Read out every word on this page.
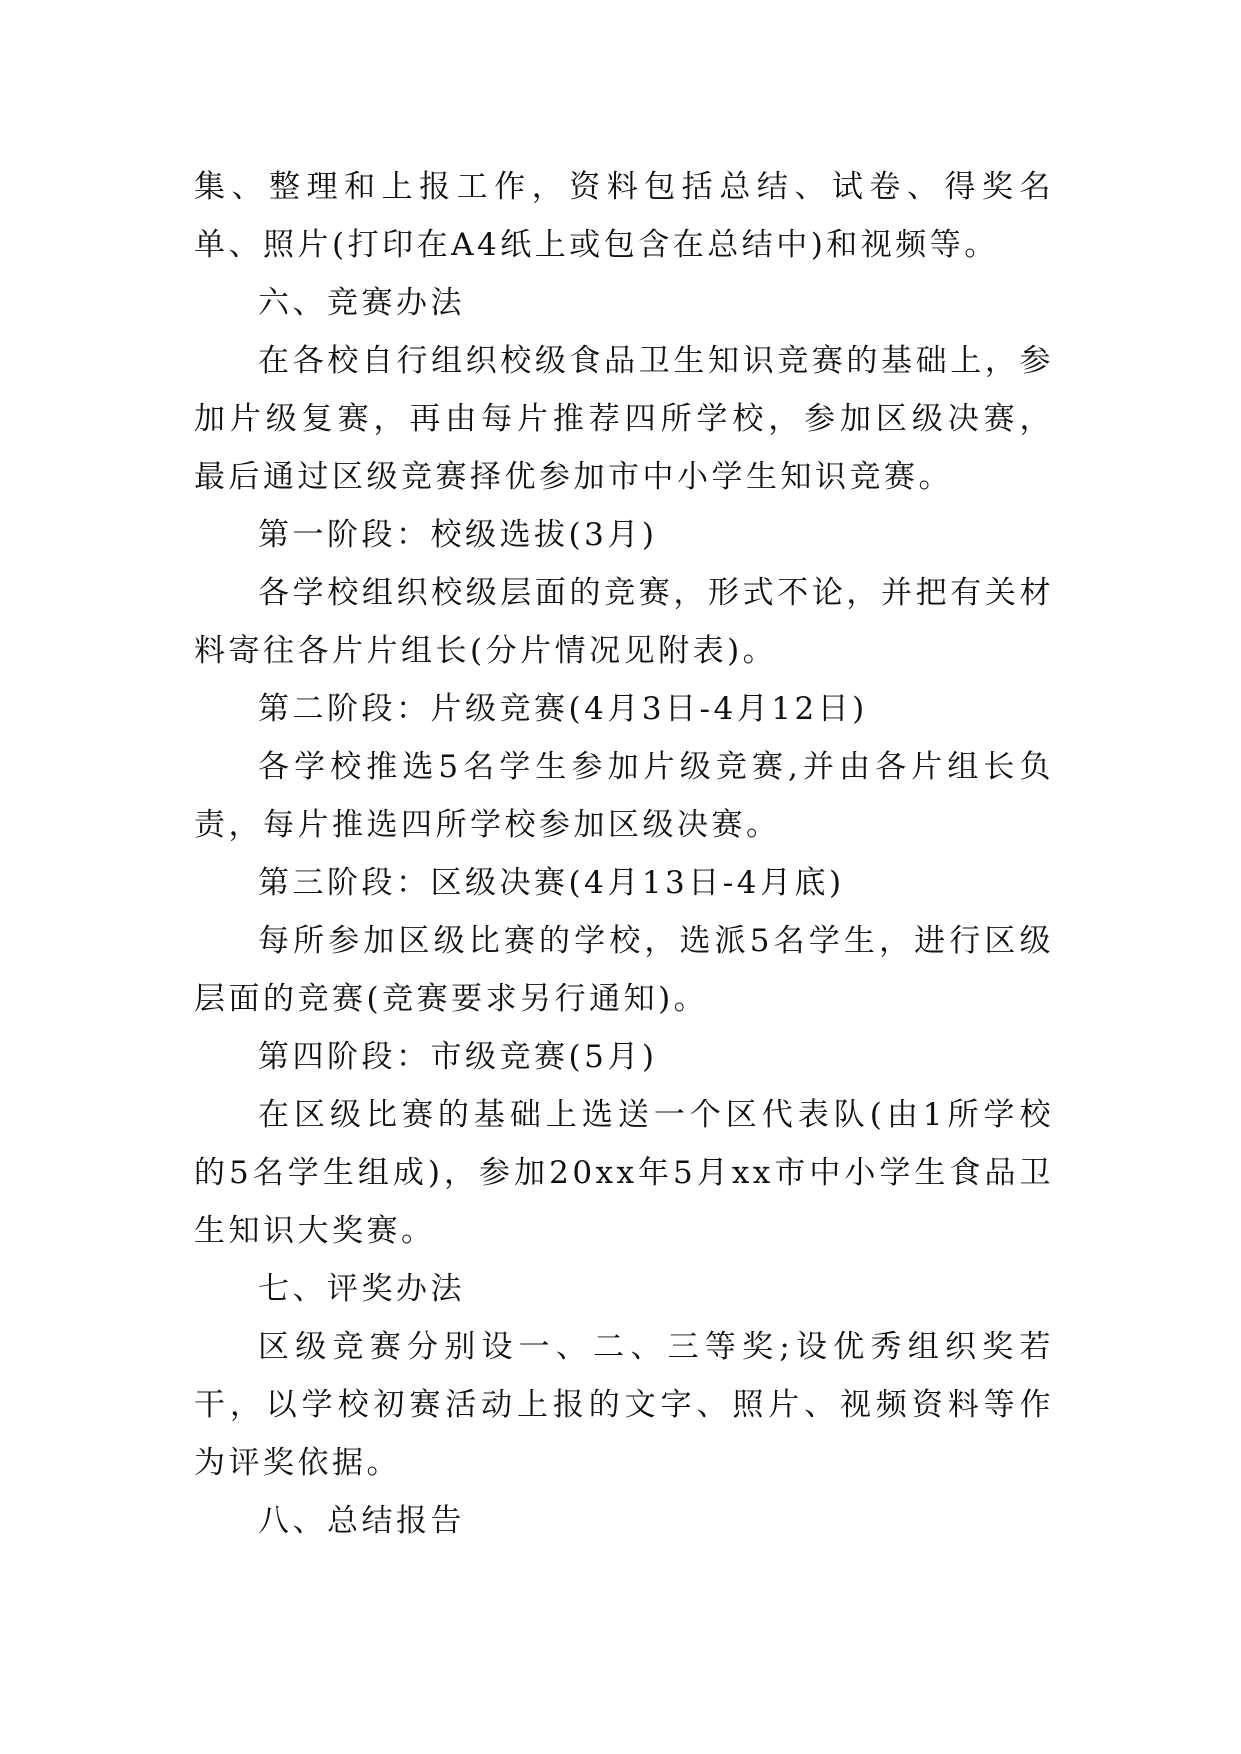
集、整理和上报工作，资料包括总结、试卷、得奖名单、照片(打印在A4纸上或包含在总结中)和视频等。

六、竞赛办法

在各校自行组织校级食品卫生知识竞赛的基础上，参加片级复赛，再由每片推荐四所学校，参加区级决赛，最后通过区级竞赛择优参加市中小学生知识竞赛。

第一阶段：校级选拔(3月)

各学校组织校级层面的竞赛，形式不论，并把有关材料寄往各片片组长(分片情况见附表)。

第二阶段：片级竞赛(4月3日-4月12日)

各学校推选5名学生参加片级竞赛,并由各片组长负责，每片推选四所学校参加区级决赛。

第三阶段：区级决赛(4月13日-4月底)

每所参加区级比赛的学校，选派5名学生，进行区级层面的竞赛(竞赛要求另行通知)。

第四阶段：市级竞赛(5月)

在区级比赛的基础上选送一个区代表队(由1所学校的5名学生组成)，参加20xx年5月xx市中小学生食品卫生知识大奖赛。

七、评奖办法

区级竞赛分别设一、二、三等奖;设优秀组织奖若干，以学校初赛活动上报的文字、照片、视频资料等作为评奖依据。

八、总结报告
